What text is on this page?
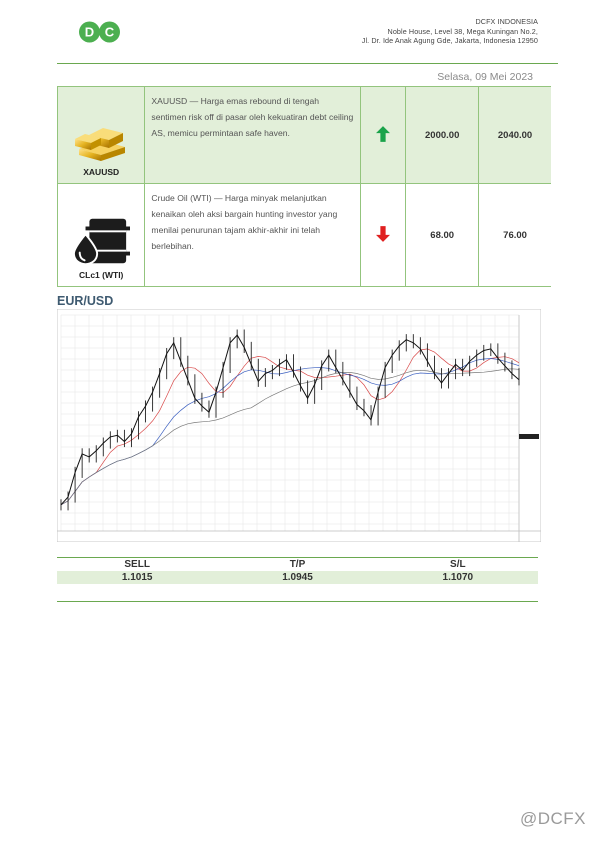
D C
DCFX INDONESIA
Noble House, Level 38, Mega Kuningan No.2,
Jl. Dr. Ide Anak Agung Gde, Jakarta, Indonesia 12950
Selasa, 09 Mei 2023
XAUUSD	XAUUSD — Harga emas rebound di tengah sentimen risk off di pasar oleh kekuatiran debt ceiling AS, memicu permintaan safe haven.		2000.00	2040.00

CLc1 (WTI)	Crude Oil (WTI) — Harga minyak melanjutkan kenaikan oleh aksi bargain hunting investor yang menilai penurunan tajam akhir-akhir ini telah berlebihan.		68.00	76.00
EUR/USD
SELL	T/P	S/L
1.1015	1.0945	1.1070
@DCFX
